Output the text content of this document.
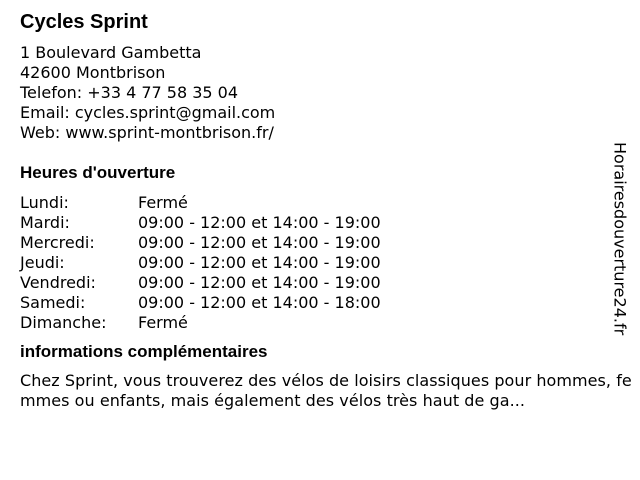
Cycles Sprint
1 Boulevard Gambetta
42600 Montbrison
Telefon: +33 4 77 58 35 04
Email: cycles.sprint@gmail.com
Web: www.sprint-montbrison.fr/
Heures d'ouverture
Lundi:	Fermé
Mardi:	09:00 - 12:00 et 14:00 - 19:00
Mercredi:	09:00 - 12:00 et 14:00 - 19:00
Jeudi:	09:00 - 12:00 et 14:00 - 19:00
Vendredi:	09:00 - 12:00 et 14:00 - 19:00
Samedi:	09:00 - 12:00 et 14:00 - 18:00
Dimanche:	Fermé
informations complémentaires
Chez Sprint, vous trouverez des vélos de loisirs classiques pour hommes, femmes ou enfants, mais également des vélos très haut de ga...
Horairesdouverture24.fr
